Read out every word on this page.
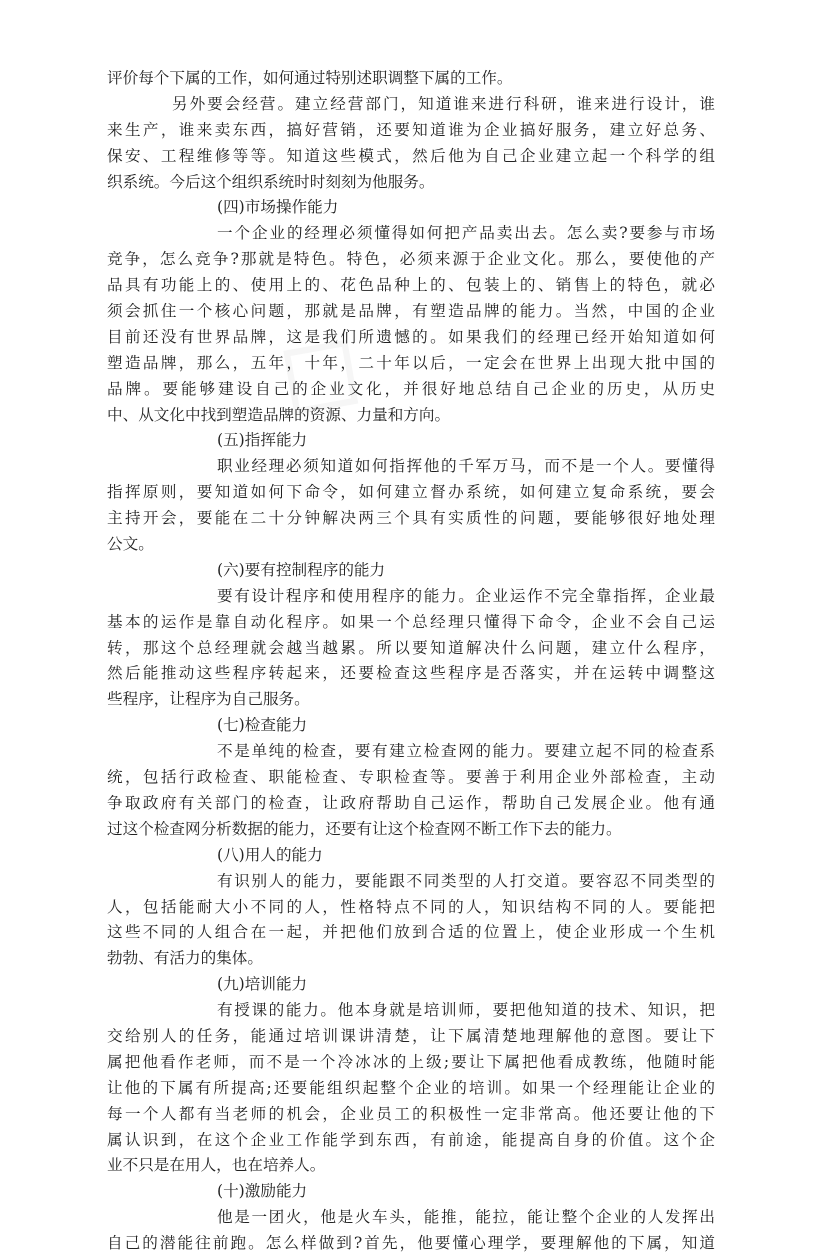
评价每个下属的工作，如何通过特别述职调整下属的工作。
另外要会经营。建立经营部门，知道谁来进行科研，谁来进行设计，谁
来生产，谁来卖东西，搞好营销，还要知道谁为企业搞好服务，建立好总务、
保安、工程维修等等。知道这些模式，然后他为自己企业建立起一个科学的组
织系统。今后这个组织系统时时刻刻为他服务。
(四)市场操作能力
一个企业的经理必须懂得如何把产品卖出去。怎么卖?要参与市场
竞争，怎么竞争?那就是特色。特色，必须来源于企业文化。那么，要使他的产
品具有功能上的、使用上的、花色品种上的、包装上的、销售上的特色，就必
须会抓住一个核心问题，那就是品牌，有塑造品牌的能力。当然，中国的企业
目前还没有世界品牌，这是我们所遗憾的。如果我们的经理已经开始知道如何
塑造品牌，那么，五年，十年，二十年以后，一定会在世界上出现大批中国的
品牌。要能够建设自己的企业文化，并很好地总结自己企业的历史，从历史
中、从文化中找到塑造品牌的资源、力量和方向。
(五)指挥能力
职业经理必须知道如何指挥他的千军万马，而不是一个人。要懂得
指挥原则，要知道如何下命令，如何建立督办系统，如何建立复命系统，要会
主持开会，要能在二十分钟解决两三个具有实质性的问题，要能够很好地处理
公文。
(六)要有控制程序的能力
要有设计程序和使用程序的能力。企业运作不完全靠指挥，企业最
基本的运作是靠自动化程序。如果一个总经理只懂得下命令，企业不会自己运
转，那这个总经理就会越当越累。所以要知道解决什么问题，建立什么程序，
然后能推动这些程序转起来，还要检查这些程序是否落实，并在运转中调整这
些程序，让程序为自己服务。
(七)检查能力
不是单纯的检查，要有建立检查网的能力。要建立起不同的检查系
统，包括行政检查、职能检查、专职检查等。要善于利用企业外部检查，主动
争取政府有关部门的检查，让政府帮助自己运作，帮助自己发展企业。他有通
过这个检查网分析数据的能力，还要有让这个检查网不断工作下去的能力。
(八)用人的能力
有识别人的能力，要能跟不同类型的人打交道。要容忍不同类型的
人，包括能耐大小不同的人，性格特点不同的人，知识结构不同的人。要能把
这些不同的人组合在一起，并把他们放到合适的位置上，使企业形成一个生机
勃勃、有活力的集体。
(九)培训能力
有授课的能力。他本身就是培训师，要把他知道的技术、知识，把
交给别人的任务，能通过培训课讲清楚，让下属清楚地理解他的意图。要让下
属把他看作老师，而不是一个冷冰冰的上级;要让下属把他看成教练，他随时能
让他的下属有所提高;还要能组织起整个企业的培训。如果一个经理能让企业的
每一个人都有当老师的机会，企业员工的积极性一定非常高。他还要让他的下
属认识到，在这个企业工作能学到东西，有前途，能提高自身的价值。这个企
业不只是在用人，也在培养人。
(十)激励能力
他是一团火，他是火车头，能推，能拉，能让整个企业的人发挥出
自己的潜能往前跑。怎么样做到?首先，他要懂心理学，要理解他的下属，知道
